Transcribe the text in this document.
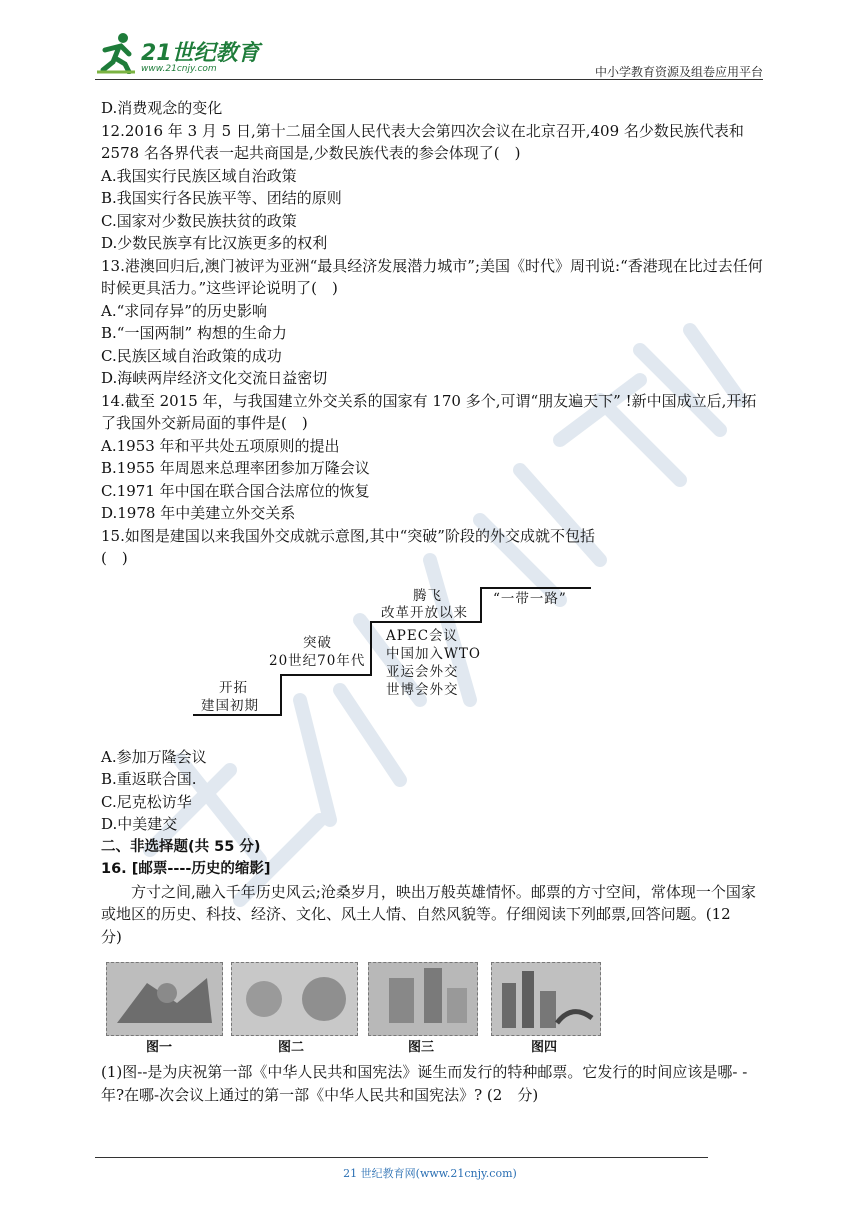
21世纪教育
www.21cnjy.com	中小学教育资源及组卷应用平台

D.消费观念的变化

12.2016 年 3 月 5 日,第十二届全国人民代表大会第四次会议在北京召开,409 名少数民族代表和 2578 名各界代表一起共商国是,少数民族代表的参会体现了(　)

A.我国实行民族区域自治政策

B.我国实行各民族平等、团结的原则

C.国家对少数民族扶贫的政策

D.少数民族享有比汉族更多的权利

13.港澳回归后,澳门被评为亚洲“最具经济发展潜力城市”;美国《时代》周刊说:“香港现在比过去任何时候更具活力。”这些评论说明了(　)

A.“求同存异”的历史影响

B.“一国两制” 构想的生命力

C.民族区域自治政策的成功

D.海峡两岸经济文化交流日益密切

14.截至 2015 年，与我国建立外交关系的国家有 170 多个,可谓“朋友遍天下” !新中国成立后,开拓了我国外交新局面的事件是(　)

A.1953 年和平共处五项原则的提出

B.1955 年周恩来总理率团参加万隆会议

C.1971 年中国在联合国合法席位的恢复

D.1978 年中美建立外交关系

15.如图是建国以来我国外交成就示意图,其中“突破”阶段的外交成就不包括

(　)

开拓
建国初期
突破
20世纪70年代
腾飞
改革开放以来
APEC会议
中国加入WTO
亚运会外交
世博会外交
“一带一路”

A.参加万隆会议

B.重返联合国.

C.尼克松访华

D.中美建交

二、非选择题(共 55 分)

16. [邮票----历史的缩影]

方寸之间,融入千年历史风云;沧桑岁月，映出万般英雄情怀。邮票的方寸空间，常体现一个国家或地区的历史、科技、经济、文化、风土人情、自然风貌等。仔细阅读下列邮票,回答问题。(12　分)

图一	图二	图三	图四

(1)图--是为庆祝第一部《中华人民共和国宪法》诞生而发行的特种邮票。它发行的时间应该是哪- -年?在哪-次会议上通过的第一部《中华人民共和国宪法》? (2　分)

21 世纪教育网(www.21cnjy.com)
